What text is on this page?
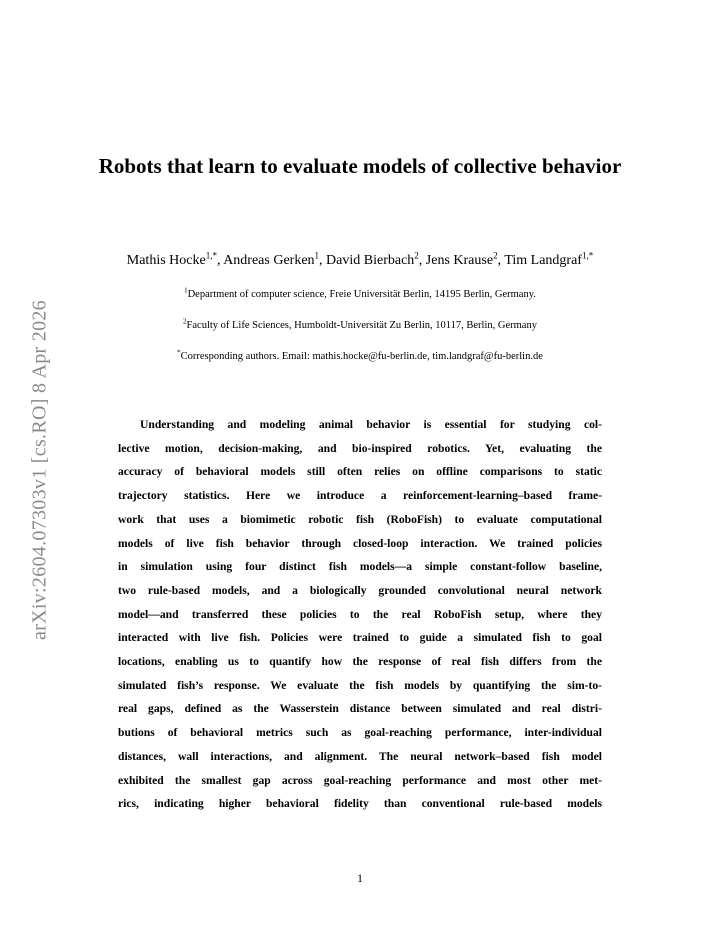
arXiv:2604.07303v1 [cs.RO] 8 Apr 2026
Robots that learn to evaluate models of collective behavior
Mathis Hocke$^{1,*}$, Andreas Gerken$^1$, David Bierbach$^2$, Jens Krause$^2$, Tim Landgraf$^{1,*}$
$^1$Department of computer science, Freie Universität Berlin, 14195 Berlin, Germany.
$^2$Faculty of Life Sciences, Humboldt-Universität Zu Berlin, 10117, Berlin, Germany
*Corresponding authors. Email: mathis.hocke@fu-berlin.de, tim.landgraf@fu-berlin.de
Understanding and modeling animal behavior is essential for studying col-
lective motion, decision-making, and bio-inspired robotics. Yet, evaluating the
accuracy of behavioral models still often relies on offline comparisons to static
trajectory statistics. Here we introduce a reinforcement-learning–based frame-
work that uses a biomimetic robotic fish (RoboFish) to evaluate computational
models of live fish behavior through closed-loop interaction. We trained policies
in simulation using four distinct fish models—a simple constant-follow baseline,
two rule-based models, and a biologically grounded convolutional neural network
model—and transferred these policies to the real RoboFish setup, where they
interacted with live fish. Policies were trained to guide a simulated fish to goal
locations, enabling us to quantify how the response of real fish differs from the
simulated fish’s response. We evaluate the fish models by quantifying the sim-to-
real gaps, defined as the Wasserstein distance between simulated and real distri-
butions of behavioral metrics such as goal-reaching performance, inter-individual
distances, wall interactions, and alignment. The neural network–based fish model
exhibited the smallest gap across goal-reaching performance and most other met-
rics, indicating higher behavioral fidelity than conventional rule-based models
1
